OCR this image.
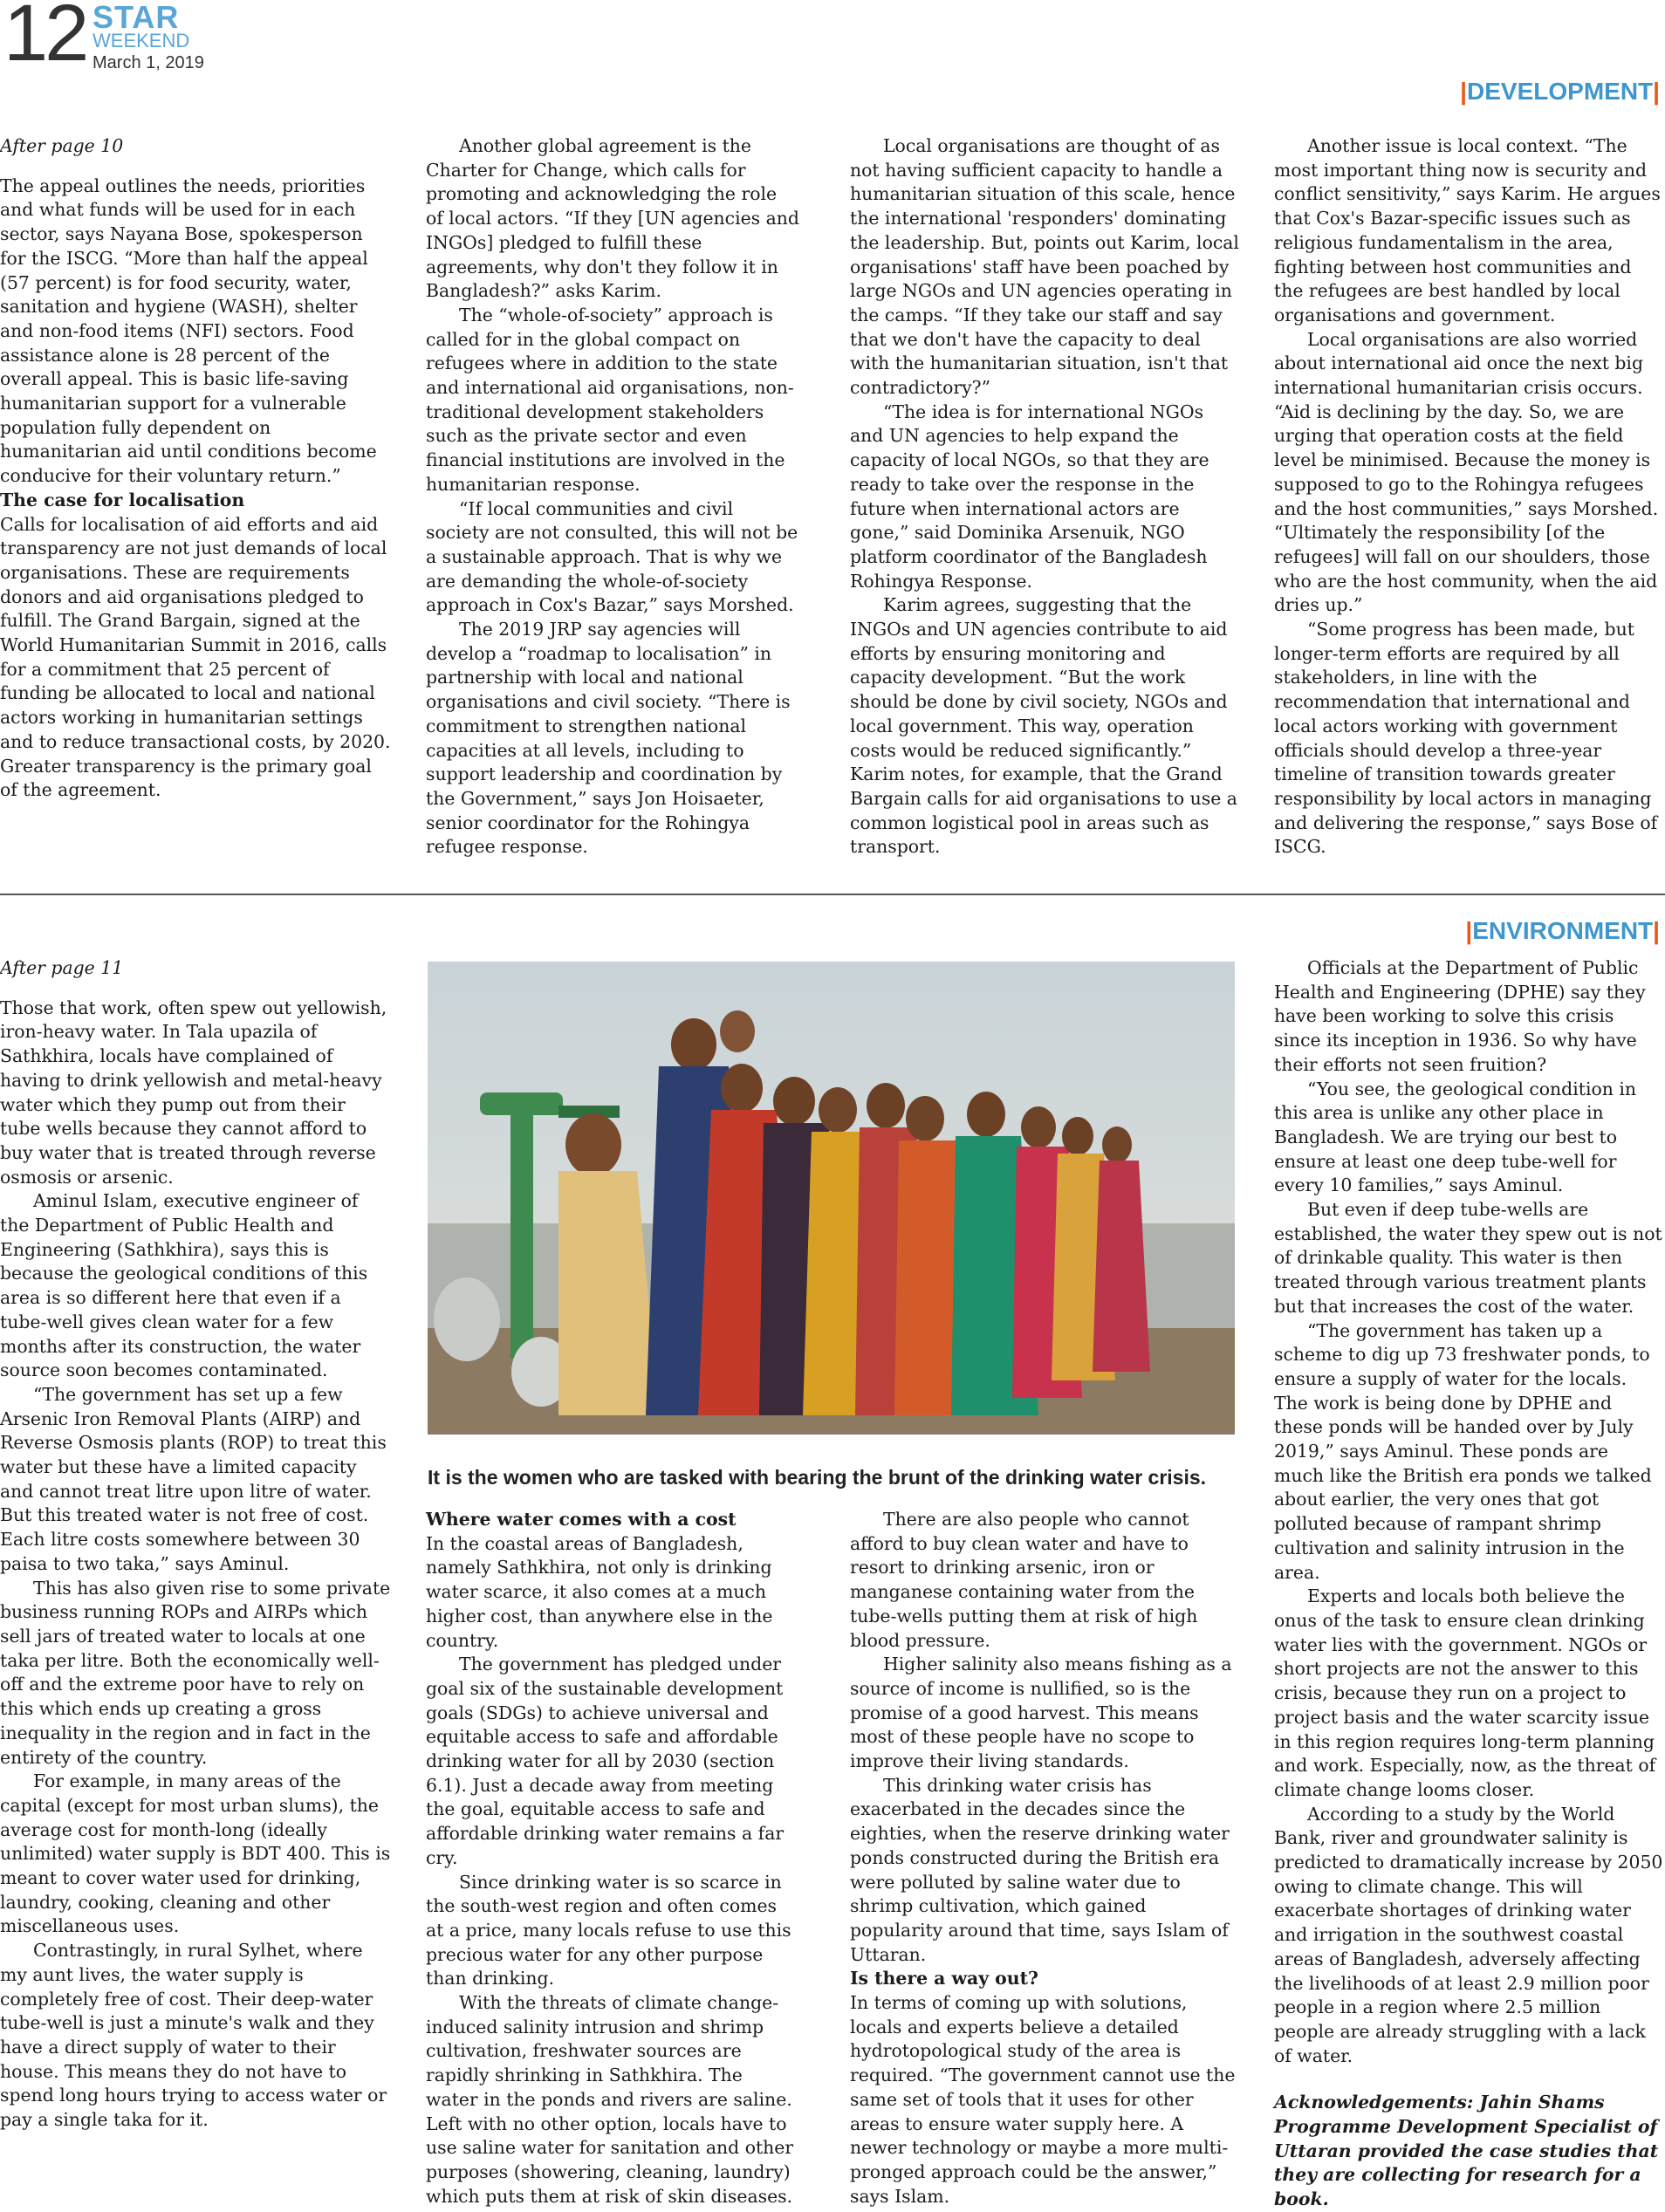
12 STAR
WEEKEND
March 1, 2019
|DEVELOPMENT|

After page 10

The appeal outlines the needs, priorities and what funds will be used for in each sector, says Nayana Bose, spokesperson for the ISCG. “More than half the appeal (57 percent) is for food security, water, sanitation and hygiene (WASH), shelter and non-food items (NFI) sectors. Food assistance alone is 28 percent of the overall appeal. This is basic life-saving humanitarian support for a vulnerable population fully dependent on humanitarian aid until conditions become conducive for their voluntary return.”

The case for localisation

Calls for localisation of aid efforts and aid transparency are not just demands of local organisations. These are requirements donors and aid organisations pledged to fulfill. The Grand Bargain, signed at the World Humanitarian Summit in 2016, calls for a commitment that 25 percent of funding be allocated to local and national actors working in humanitarian settings and to reduce transactional costs, by 2020. Greater transparency is the primary goal of the agreement.

Another global agreement is the Charter for Change, which calls for promoting and acknowledging the role of local actors. “If they [UN agencies and INGOs] pledged to fulfill these agreements, why don't they follow it in Bangladesh?” asks Karim.

The “whole-of-society” approach is called for in the global compact on refugees where in addition to the state and international aid organisations, non-traditional development stakeholders such as the private sector and even financial institutions are involved in the humanitarian response.

“If local communities and civil society are not consulted, this will not be a sustainable approach. That is why we are demanding the whole-of-society approach in Cox's Bazar,” says Morshed.

The 2019 JRP say agencies will develop a “roadmap to localisation” in partnership with local and national organisations and civil society. “There is commitment to strengthen national capacities at all levels, including to support leadership and coordination by the Government,” says Jon Hoisaeter, senior coordinator for the Rohingya refugee response.

Local organisations are thought of as not having sufficient capacity to handle a humanitarian situation of this scale, hence the international 'responders' dominating the leadership. But, points out Karim, local organisations' staff have been poached by large NGOs and UN agencies operating in the camps. “If they take our staff and say that we don't have the capacity to deal with the humanitarian situation, isn't that contradictory?”

“The idea is for international NGOs and UN agencies to help expand the capacity of local NGOs, so that they are ready to take over the response in the future when international actors are gone,” said Dominika Arsenuik, NGO platform coordinator of the Bangladesh Rohingya Response.

Karim agrees, suggesting that the INGOs and UN agencies contribute to aid efforts by ensuring monitoring and capacity development. “But the work should be done by civil society, NGOs and local government. This way, operation costs would be reduced significantly.” Karim notes, for example, that the Grand Bargain calls for aid organisations to use a common logistical pool in areas such as transport.

Another issue is local context. “The most important thing now is security and conflict sensitivity,” says Karim. He argues that Cox's Bazar-specific issues such as religious fundamentalism in the area, fighting between host communities and the refugees are best handled by local organisations and government.

Local organisations are also worried about international aid once the next big international humanitarian crisis occurs. “Aid is declining by the day. So, we are urging that operation costs at the field level be minimised. Because the money is supposed to go to the Rohingya refugees and the host communities,” says Morshed. “Ultimately the responsibility [of the refugees] will fall on our shoulders, those who are the host community, when the aid dries up.”

“Some progress has been made, but longer-term efforts are required by all stakeholders, in line with the recommendation that international and local actors working with government officials should develop a three-year timeline of transition towards greater responsibility by local actors in managing and delivering the response,” says Bose of ISCG.

|ENVIRONMENT|

After page 11

Those that work, often spew out yellowish, iron-heavy water. In Tala upazila of Sathkhira, locals have complained of having to drink yellowish and metal-heavy water which they pump out from their tube wells because they cannot afford to buy water that is treated through reverse osmosis or arsenic.

Aminul Islam, executive engineer of the Department of Public Health and Engineering (Sathkhira), says this is because the geological conditions of this area is so different here that even if a tube-well gives clean water for a few months after its construction, the water source soon becomes contaminated.

“The government has set up a few Arsenic Iron Removal Plants (AIRP) and Reverse Osmosis plants (ROP) to treat this water but these have a limited capacity and cannot treat litre upon litre of water. But this treated water is not free of cost. Each litre costs somewhere between 30 paisa to two taka,” says Aminul.

This has also given rise to some private business running ROPs and AIRPs which sell jars of treated water to locals at one taka per litre. Both the economically well-off and the extreme poor have to rely on this which ends up creating a gross inequality in the region and in fact in the entirety of the country.

For example, in many areas of the capital (except for most urban slums), the average cost for month-long (ideally unlimited) water supply is BDT 400. This is meant to cover water used for drinking, laundry, cooking, cleaning and other miscellaneous uses.

Contrastingly, in rural Sylhet, where my aunt lives, the water supply is completely free of cost. Their deep-water tube-well is just a minute's walk and they have a direct supply of water to their house. This means they do not have to spend long hours trying to access water or pay a single taka for it.

It is the women who are tasked with bearing the brunt of the drinking water crisis.

Where water comes with a cost

In the coastal areas of Bangladesh, namely Sathkhira, not only is drinking water scarce, it also comes at a much higher cost, than anywhere else in the country.

The government has pledged under goal six of the sustainable development goals (SDGs) to achieve universal and equitable access to safe and affordable drinking water for all by 2030 (section 6.1). Just a decade away from meeting the goal, equitable access to safe and affordable drinking water remains a far cry.

Since drinking water is so scarce in the south-west region and often comes at a price, many locals refuse to use this precious water for any other purpose than drinking.

With the threats of climate change-induced salinity intrusion and shrimp cultivation, freshwater sources are rapidly shrinking in Sathkhira. The water in the ponds and rivers are saline. Left with no other option, locals have to use saline water for sanitation and other purposes (showering, cleaning, laundry) which puts them at risk of skin diseases.

There are also people who cannot afford to buy clean water and have to resort to drinking arsenic, iron or manganese containing water from the tube-wells putting them at risk of high blood pressure.

Higher salinity also means fishing as a source of income is nullified, so is the promise of a good harvest. This means most of these people have no scope to improve their living standards.

This drinking water crisis has exacerbated in the decades since the eighties, when the reserve drinking water ponds constructed during the British era were polluted by saline water due to shrimp cultivation, which gained popularity around that time, says Islam of Uttaran.

Is there a way out?

In terms of coming up with solutions, locals and experts believe a detailed hydrotopological study of the area is required. “The government cannot use the same set of tools that it uses for other areas to ensure water supply here. A newer technology or maybe a more multi-pronged approach could be the answer,” says Islam.

Officials at the Department of Public Health and Engineering (DPHE) say they have been working to solve this crisis since its inception in 1936. So why have their efforts not seen fruition?

“You see, the geological condition in this area is unlike any other place in Bangladesh. We are trying our best to ensure at least one deep tube-well for every 10 families,” says Aminul.

But even if deep tube-wells are established, the water they spew out is not of drinkable quality. This water is then treated through various treatment plants but that increases the cost of the water.

“The government has taken up a scheme to dig up 73 freshwater ponds, to ensure a supply of water for the locals. The work is being done by DPHE and these ponds will be handed over by July 2019,” says Aminul. These ponds are much like the British era ponds we talked about earlier, the very ones that got polluted because of rampant shrimp cultivation and salinity intrusion in the area.

Experts and locals both believe the onus of the task to ensure clean drinking water lies with the government. NGOs or short projects are not the answer to this crisis, because they run on a project to project basis and the water scarcity issue in this region requires long-term planning and work. Especially, now, as the threat of climate change looms closer.

According to a study by the World Bank, river and groundwater salinity is predicted to dramatically increase by 2050 owing to climate change. This will exacerbate shortages of drinking water and irrigation in the southwest coastal areas of Bangladesh, adversely affecting the livelihoods of at least 2.9 million poor people in a region where 2.5 million people are already struggling with a lack of water.

Acknowledgements: Jahin Shams Programme Development Specialist of Uttaran provided the case studies that they are collecting for research for a book.
